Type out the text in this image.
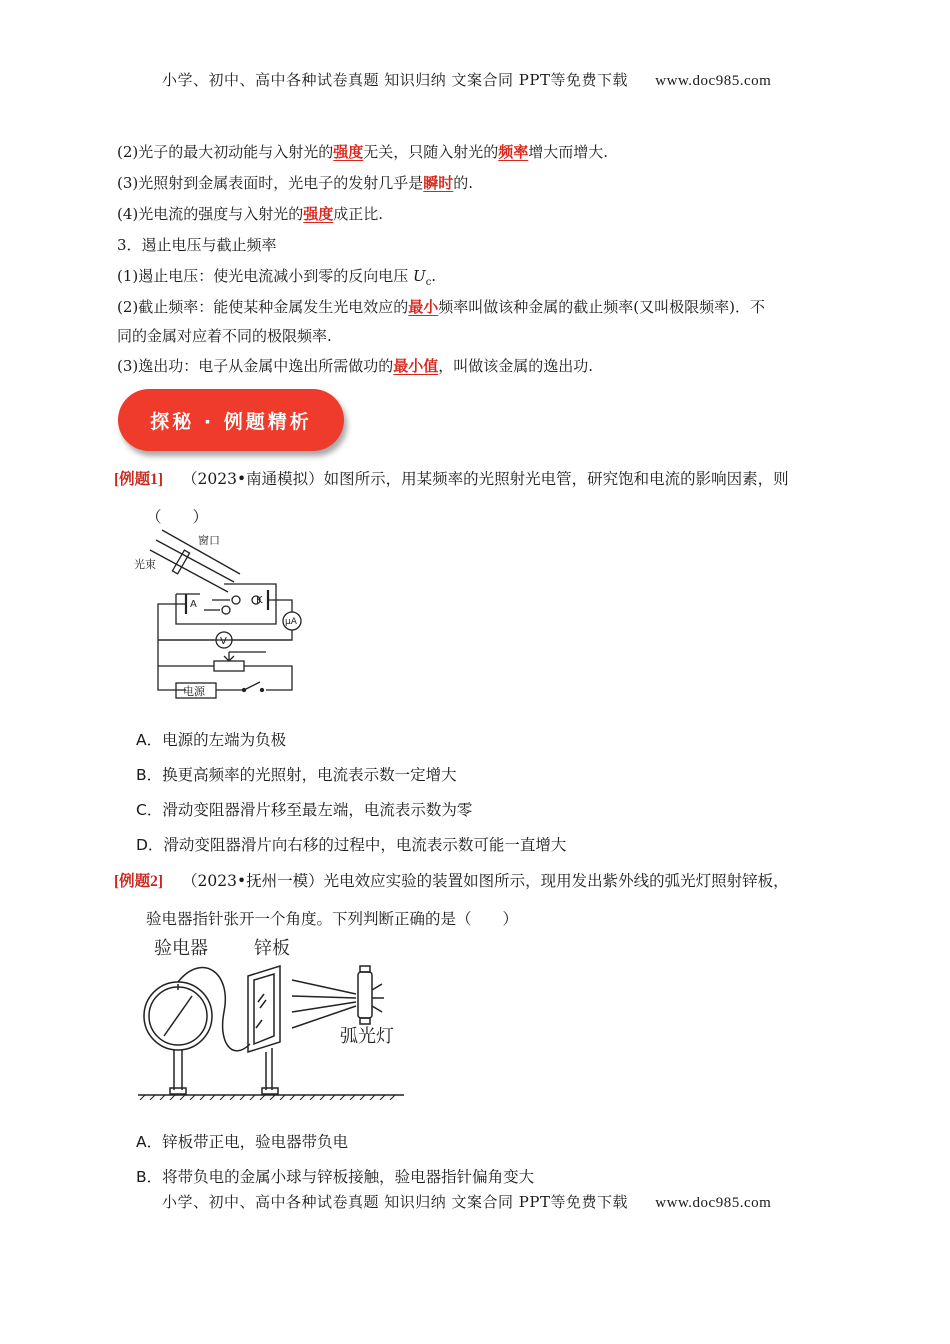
小学、初中、高中各种试卷真题 知识归纳 文案合同 PPT等免费下载 www.doc985.com
(2)光子的最大初动能与入射光的强度无关，只随入射光的频率增大而增大.
(3)光照射到金属表面时，光电子的发射几乎是瞬时的.
(4)光电流的强度与入射光的强度成正比.
3．遏止电压与截止频率
(1)遏止电压：使光电流减小到零的反向电压 $U_c$.
(2)截止频率：能使某种金属发生光电效应的最小频率叫做该种金属的截止频率(又叫极限频率)．不
同的金属对应着不同的极限频率.
(3)逸出功：电子从金属中逸出所需做功的最小值，叫做该金属的逸出功.
探秘 · 例题精析
[例题1] （2023•南通模拟）如图所示，用某频率的光照射光电管，研究饱和电流的影响因素，则
（　　）
光束
窗口
A	K
μA
V
电源
A．电源的左端为负极
B．换更高频率的光照射，电流表示数一定增大
C．滑动变阻器滑片移至最左端，电流表示数为零
D．滑动变阻器滑片向右移的过程中，电流表示数可能一直增大
[例题2] （2023•抚州一模）光电效应实验的装置如图所示，现用发出紫外线的弧光灯照射锌板，
验电器指针张开一个角度。下列判断正确的是（　　）
验电器	锌板
弧光灯
A．锌板带正电，验电器带负电
B．将带负电的金属小球与锌板接触，验电器指针偏角变大
小学、初中、高中各种试卷真题 知识归纳 文案合同 PPT等免费下载 www.doc985.com
